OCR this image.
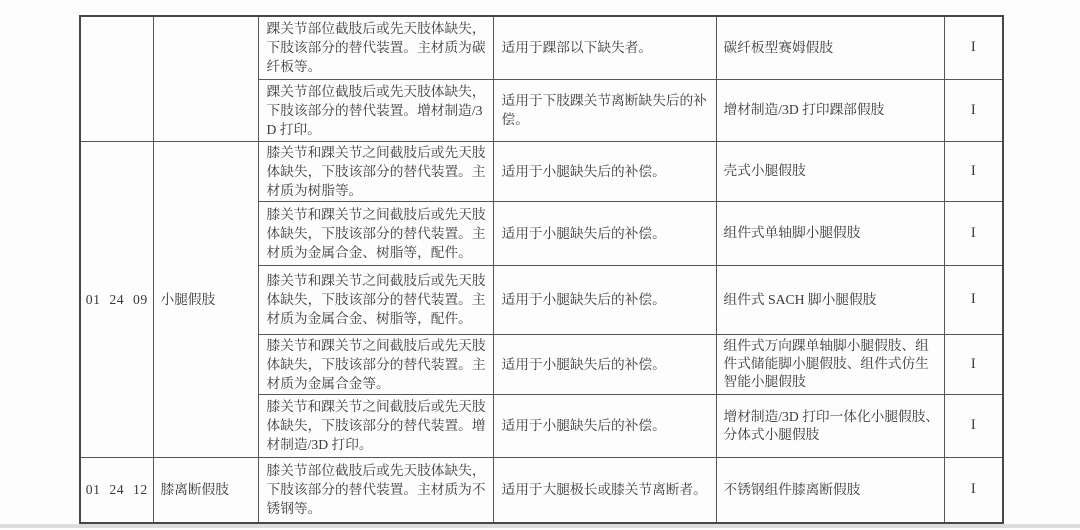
		踝关节部位截肢后或先天肢体缺失，下肢该部分的替代装置。主材质为碳纤板等。	适用于踝部以下缺失者。	碳纤板型赛姆假肢	I
		踝关节部位截肢后或先天肢体缺失，下肢该部分的替代装置。增材制造/3D 打印。	适用于下肢踝关节离断缺失后的补偿。	增材制造/3D 打印踝部假肢	I
01 24 09	小腿假肢	膝关节和踝关节之间截肢后或先天肢体缺失，下肢该部分的替代装置。主材质为树脂等。	适用于小腿缺失后的补偿。	壳式小腿假肢	I
		膝关节和踝关节之间截肢后或先天肢体缺失，下肢该部分的替代装置。主材质为金属合金、树脂等，配件。	适用于小腿缺失后的补偿。	组件式单轴脚小腿假肢	I
		膝关节和踝关节之间截肢后或先天肢体缺失，下肢该部分的替代装置。主材质为金属合金、树脂等，配件。	适用于小腿缺失后的补偿。	组件式 SACH 脚小腿假肢	I
		膝关节和踝关节之间截肢后或先天肢体缺失，下肢该部分的替代装置。主材质为金属合金等。	适用于小腿缺失后的补偿。	组件式万向踝单轴脚小腿假肢、组件式储能脚小腿假肢、组件式仿生智能小腿假肢	I
		膝关节和踝关节之间截肢后或先天肢体缺失，下肢该部分的替代装置。增材制造/3D 打印。	适用于小腿缺失后的补偿。	增材制造/3D 打印一体化小腿假肢、分体式小腿假肢	I
01 24 12	膝离断假肢	膝关节部位截肢后或先天肢体缺失，下肢该部分的替代装置。主材质为不锈钢等。	适用于大腿极长或膝关节离断者。	不锈钢组件膝离断假肢	I
